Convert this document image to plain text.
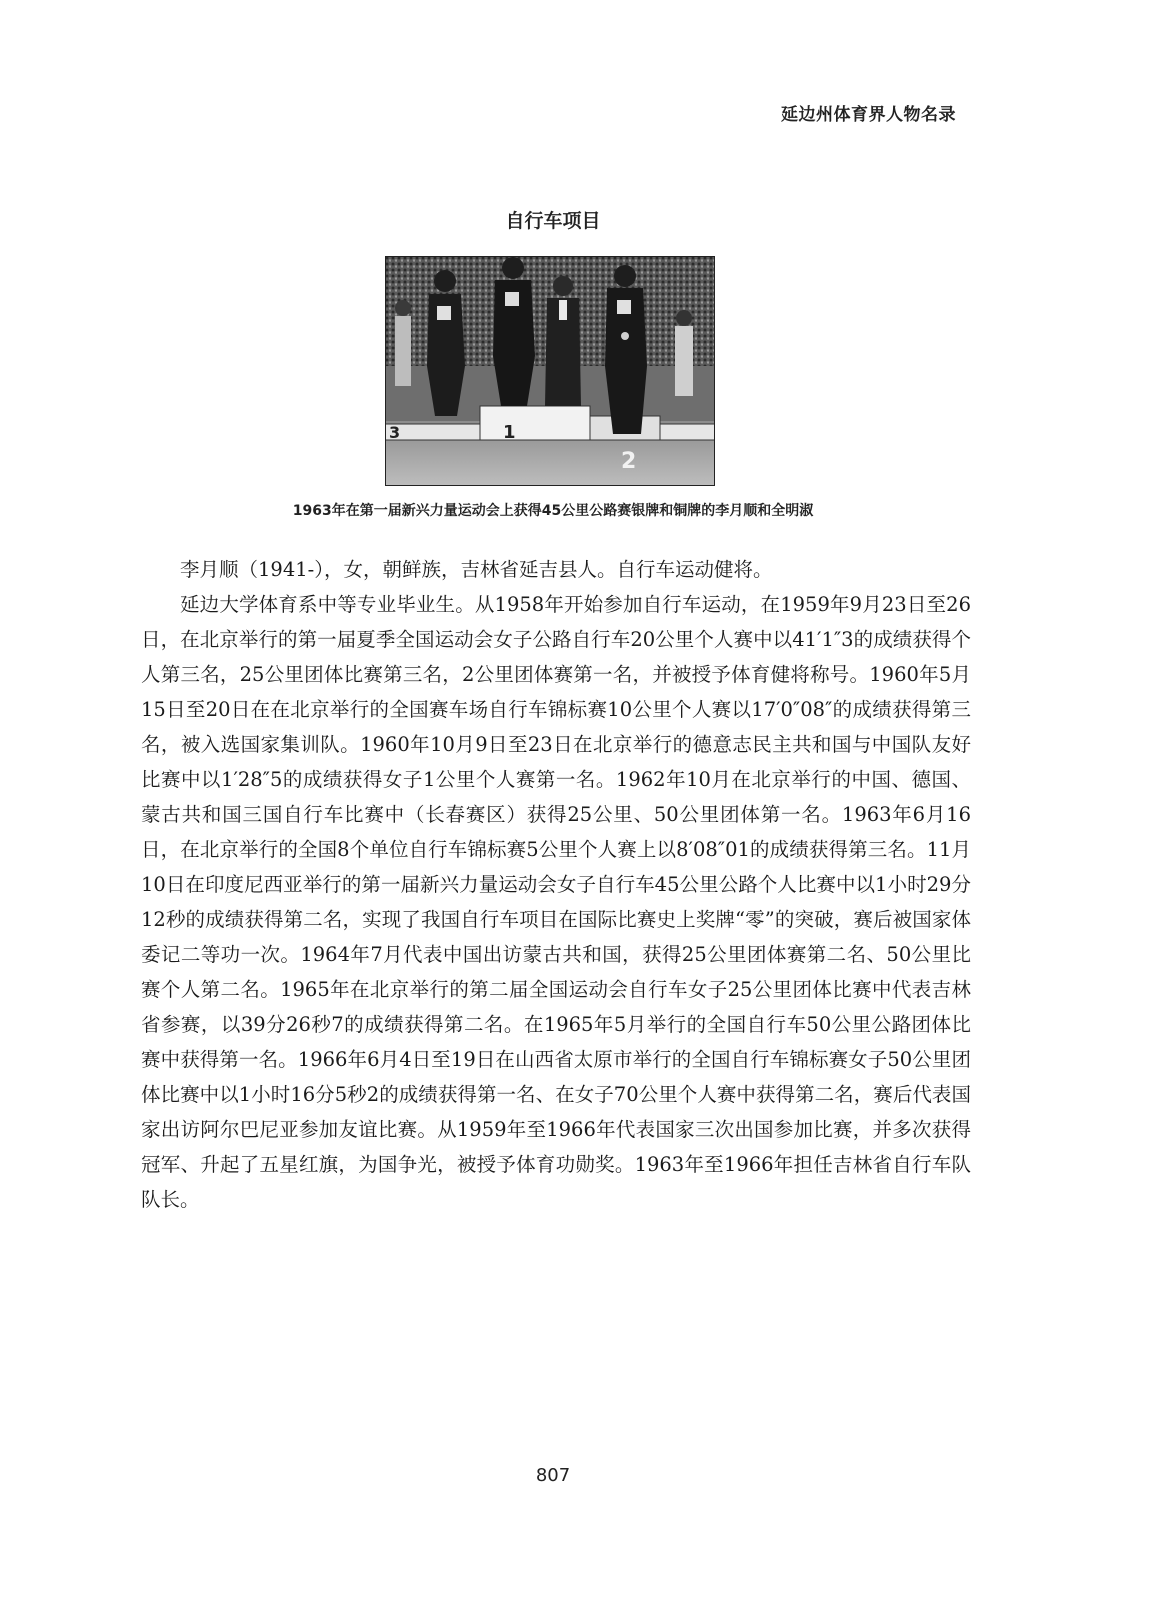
延边州体育界人物名录
自行车项目
3	1
2
1963年在第一届新兴力量运动会上获得45公里公路赛银牌和铜牌的李月顺和全明淑

李月顺（1941-），女，朝鲜族，吉林省延吉县人。自行车运动健将。

延边大学体育系中等专业毕业生。从1958年开始参加自行车运动，在1959年9月23日至26日，在北京举行的第一届夏季全国运动会女子公路自行车20公里个人赛中以41′1″3的成绩获得个人第三名，25公里团体比赛第三名，2公里团体赛第一名，并被授予体育健将称号。1960年5月15日至20日在在北京举行的全国赛车场自行车锦标赛10公里个人赛以17′0″08″的成绩获得第三名，被入选国家集训队。1960年10月9日至23日在北京举行的德意志民主共和国与中国队友好比赛中以1′28″5的成绩获得女子1公里个人赛第一名。1962年10月在北京举行的中国、德国、蒙古共和国三国自行车比赛中（长春赛区）获得25公里、50公里团体第一名。1963年6月16日，在北京举行的全国8个单位自行车锦标赛5公里个人赛上以8′08″01的成绩获得第三名。11月10日在印度尼西亚举行的第一届新兴力量运动会女子自行车45公里公路个人比赛中以1小时29分12秒的成绩获得第二名，实现了我国自行车项目在国际比赛史上奖牌“零”的突破，赛后被国家体委记二等功一次。1964年7月代表中国出访蒙古共和国，获得25公里团体赛第二名、50公里比赛个人第二名。1965年在北京举行的第二届全国运动会自行车女子25公里团体比赛中代表吉林省参赛，以39分26秒7的成绩获得第二名。在1965年5月举行的全国自行车50公里公路团体比赛中获得第一名。1966年6月4日至19日在山西省太原市举行的全国自行车锦标赛女子50公里团体比赛中以1小时16分5秒2的成绩获得第一名、在女子70公里个人赛中获得第二名，赛后代表国家出访阿尔巴尼亚参加友谊比赛。从1959年至1966年代表国家三次出国参加比赛，并多次获得冠军、升起了五星红旗，为国争光，被授予体育功勋奖。1963年至1966年担任吉林省自行车队队长。

807
